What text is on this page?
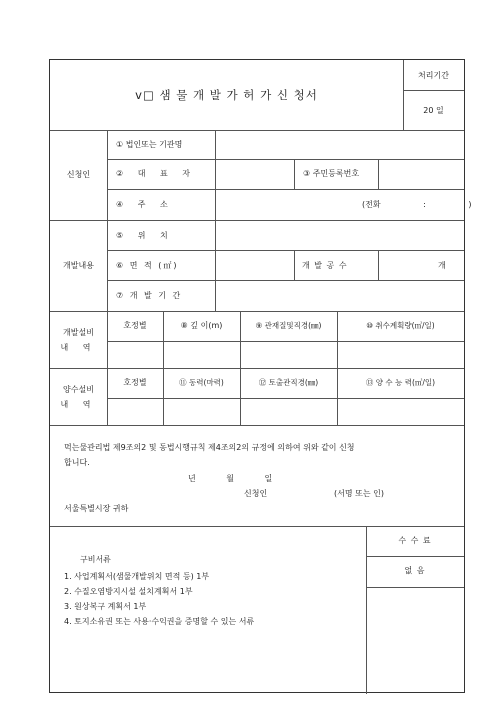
v□ 샘 물 개 발 가 허 가 신 청서
처리기간
20 일
신청인
① 법인또는 기관명
② 대 표 자	③ 주민등록번호
④ 주 소	(전화 : )
개발내용
⑤ 위 치
⑥ 면 적 (㎡)	개 발 공 수	개
⑦ 개 발 기 간
개발설비
내 역
호정별	⑧ 깊 이(m)	⑨ 관재질및직경(㎜)	⑩ 취수계획량(㎥/일)
양수설비
내 역
호정별	⑪ 동력(마력)	⑫ 토출관직경(㎜)	⑬ 양 수 능 력(㎥/일)
먹는물관리법 제9조의2 및 동법시행규칙 제4조의2의 규정에 의하여 위와 같이 신청
합니다.
년 월 일
신청인	(서명 또는 인)
서울특별시장 귀하
구비서류
1. 사업계획서(샘물개발위치 면적 등) 1부
2. 수질오염방지시설 설치계획서 1부
3. 원상복구 계획서 1부
4. 토지소유권 또는 사용·수익권을 증명할 수 있는 서류
수 수 료
없 음
